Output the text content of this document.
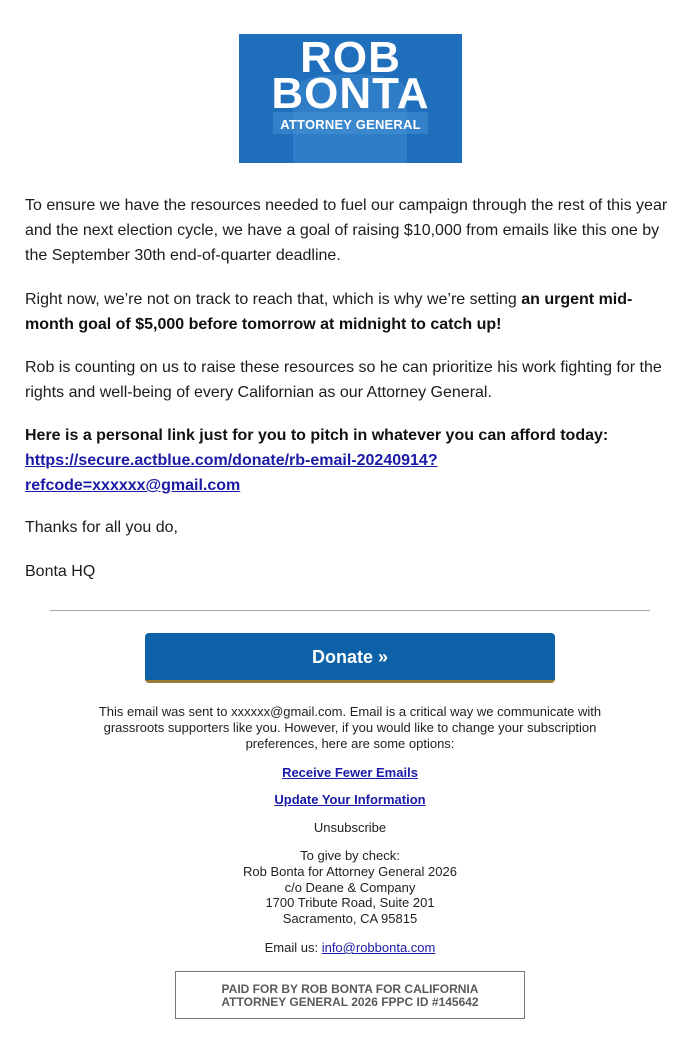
ROB
BONTA
ATTORNEY GENERAL

To ensure we have the resources needed to fuel our campaign through the rest of this year and the next election cycle, we have a goal of raising $10,000 from emails like this one by the September 30th end-of-quarter deadline.

Right now, we’re not on track to reach that, which is why we’re setting an urgent mid-month goal of $5,000 before tomorrow at midnight to catch up!

Rob is counting on us to raise these resources so he can prioritize his work fighting for the rights and well-being of every Californian as our Attorney General.

Here is a personal link just for you to pitch in whatever you can afford today:
https://secure.actblue.com/donate/rb-email-20240914?
refcode=xxxxxx@gmail.com

Thanks for all you do,

Bonta HQ

Donate »

This email was sent to xxxxxx@gmail.com. Email is a critical way we communicate with grassroots supporters like you. However, if you would like to change your subscription preferences, here are some options:

Receive Fewer Emails
Update Your Information
Unsubscribe
To give by check:
Rob Bonta for Attorney General 2026
c/o Deane & Company
1700 Tribute Road, Suite 201
Sacramento, CA 95815
Email us: info@robbonta.com
PAID FOR BY ROB BONTA FOR CALIFORNIA
ATTORNEY GENERAL 2026 FPPC ID #145642
